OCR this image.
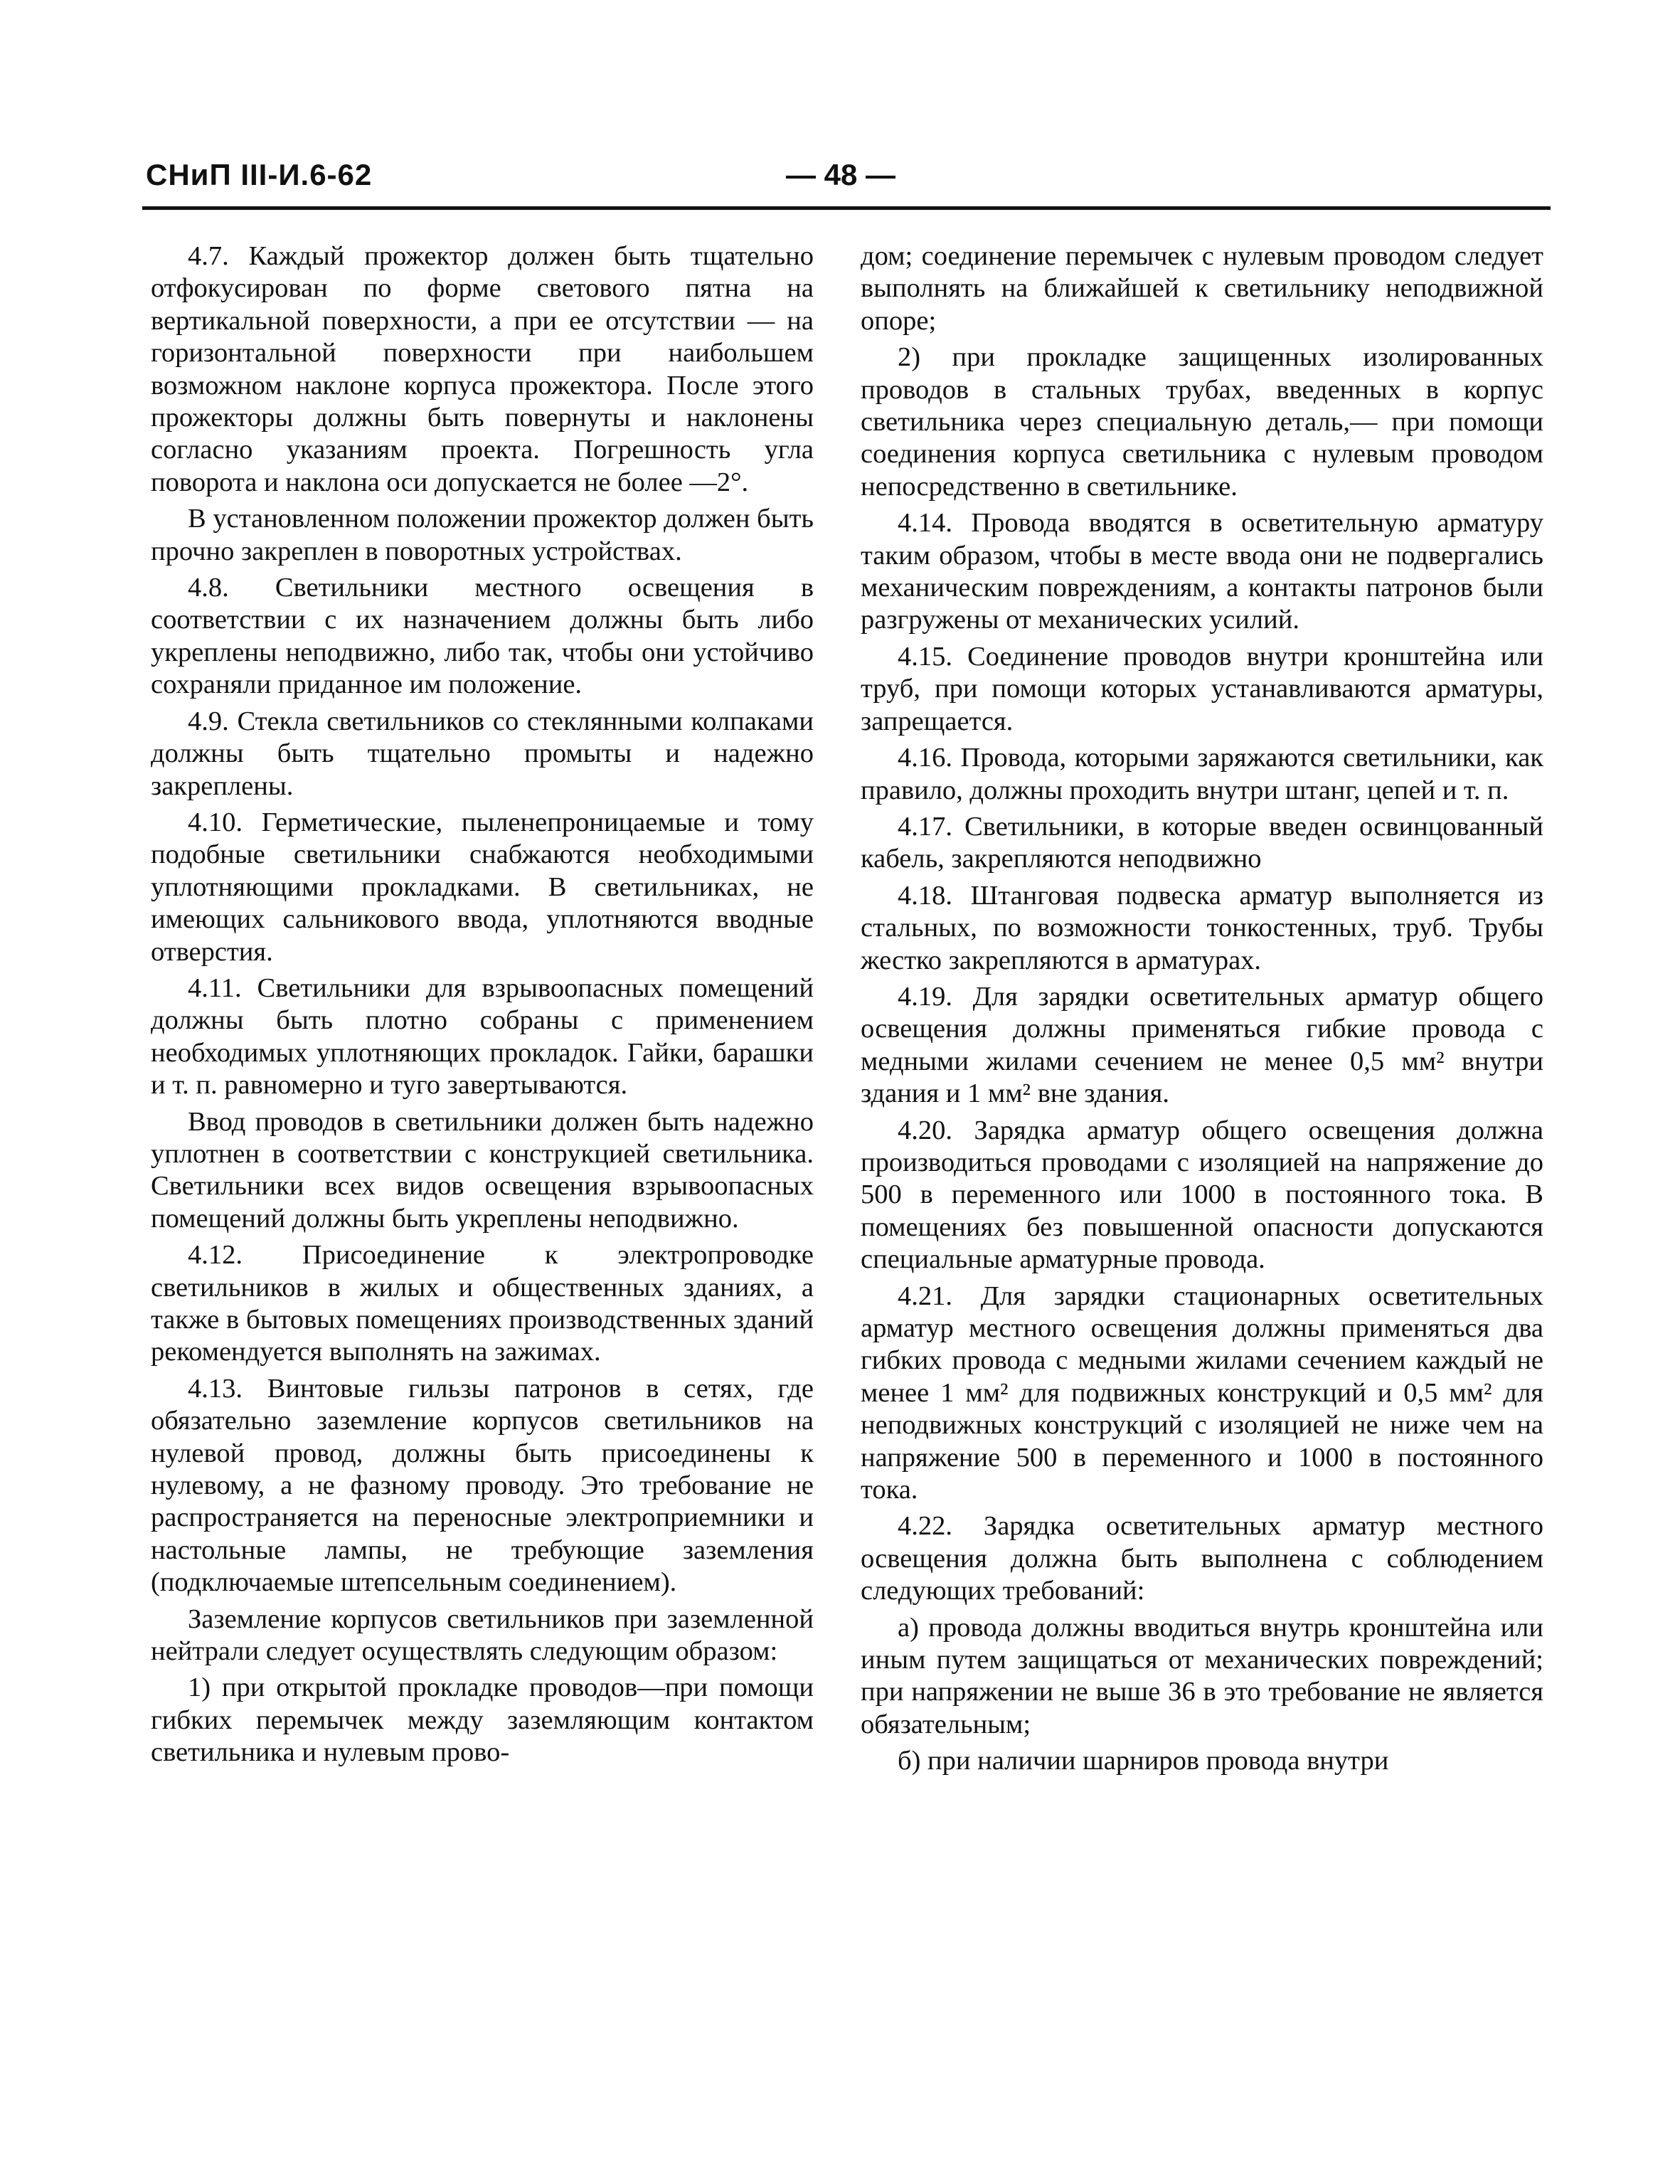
СНиП III-И.6-62	— 48 —

4.7. Каждый прожектор должен быть тщательно отфокусирован по форме светового пятна на вертикальной поверхности, а при ее отсутствии — на горизонтальной поверхности при наибольшем возможном наклоне корпуса прожектора. После этого прожекторы должны быть повернуты и наклонены согласно указаниям проекта. Погрешность угла поворота и наклона оси допускается не более —2°.

В установленном положении прожектор должен быть прочно закреплен в поворотных устройствах.

4.8. Светильники местного освещения в соответствии с их назначением должны быть либо укреплены неподвижно, либо так, чтобы они устойчиво сохраняли приданное им положение.

4.9. Стекла светильников со стеклянными колпаками должны быть тщательно промыты и надежно закреплены.

4.10. Герметические, пыленепроницаемые и тому подобные светильники снабжаются необходимыми уплотняющими прокладками. В светильниках, не имеющих сальникового ввода, уплотняются вводные отверстия.

4.11. Светильники для взрывоопасных помещений должны быть плотно собраны с применением необходимых уплотняющих прокладок. Гайки, барашки и т. п. равномерно и туго завертываются.

Ввод проводов в светильники должен быть надежно уплотнен в соответствии с конструкцией светильника. Светильники всех видов освещения взрывоопасных помещений должны быть укреплены неподвижно.

4.12. Присоединение к электропроводке светильников в жилых и общественных зданиях, а также в бытовых помещениях производственных зданий рекомендуется выполнять на зажимах.

4.13. Винтовые гильзы патронов в сетях, где обязательно заземление корпусов светильников на нулевой провод, должны быть присоединены к нулевому, а не фазному проводу. Это требование не распространяется на переносные электроприемники и настольные лампы, не требующие заземления (подключаемые штепсельным соединением).

Заземление корпусов светильников при заземленной нейтрали следует осуществлять следующим образом:

1) при открытой прокладке проводов—при помощи гибких перемычек между заземляющим контактом светильника и нулевым прово-

дом; соединение перемычек с нулевым проводом следует выполнять на ближайшей к светильнику неподвижной опоре;

2) при прокладке защищенных изолированных проводов в стальных трубах, введенных в корпус светильника через специальную деталь,— при помощи соединения корпуса светильника с нулевым проводом непосредственно в светильнике.

4.14. Провода вводятся в осветительную арматуру таким образом, чтобы в месте ввода они не подвергались механическим повреждениям, а контакты патронов были разгружены от механических усилий.

4.15. Соединение проводов внутри кронштейна или труб, при помощи которых устанавливаются арматуры, запрещается.

4.16. Провода, которыми заряжаются светильники, как правило, должны проходить внутри штанг, цепей и т. п.

4.17. Светильники, в которые введен освинцованный кабель, закрепляются неподвижно

4.18. Штанговая подвеска арматур выполняется из стальных, по возможности тонкостенных, труб. Трубы жестко закрепляются в арматурах.

4.19. Для зарядки осветительных арматур общего освещения должны применяться гибкие провода с медными жилами сечением не менее 0,5 мм² внутри здания и 1 мм² вне здания.

4.20. Зарядка арматур общего освещения должна производиться проводами с изоляцией на напряжение до 500 в переменного или 1000 в постоянного тока. В помещениях без повышенной опасности допускаются специальные арматурные провода.

4.21. Для зарядки стационарных осветительных арматур местного освещения должны применяться два гибких провода с медными жилами сечением каждый не менее 1 мм² для подвижных конструкций и 0,5 мм² для неподвижных конструкций с изоляцией не ниже чем на напряжение 500 в переменного и 1000 в постоянного тока.

4.22. Зарядка осветительных арматур местного освещения должна быть выполнена с соблюдением следующих требований:

а) провода должны вводиться внутрь кронштейна или иным путем защищаться от механических повреждений; при напряжении не выше 36 в это требование не является обязательным;

б) при наличии шарниров провода внутри
